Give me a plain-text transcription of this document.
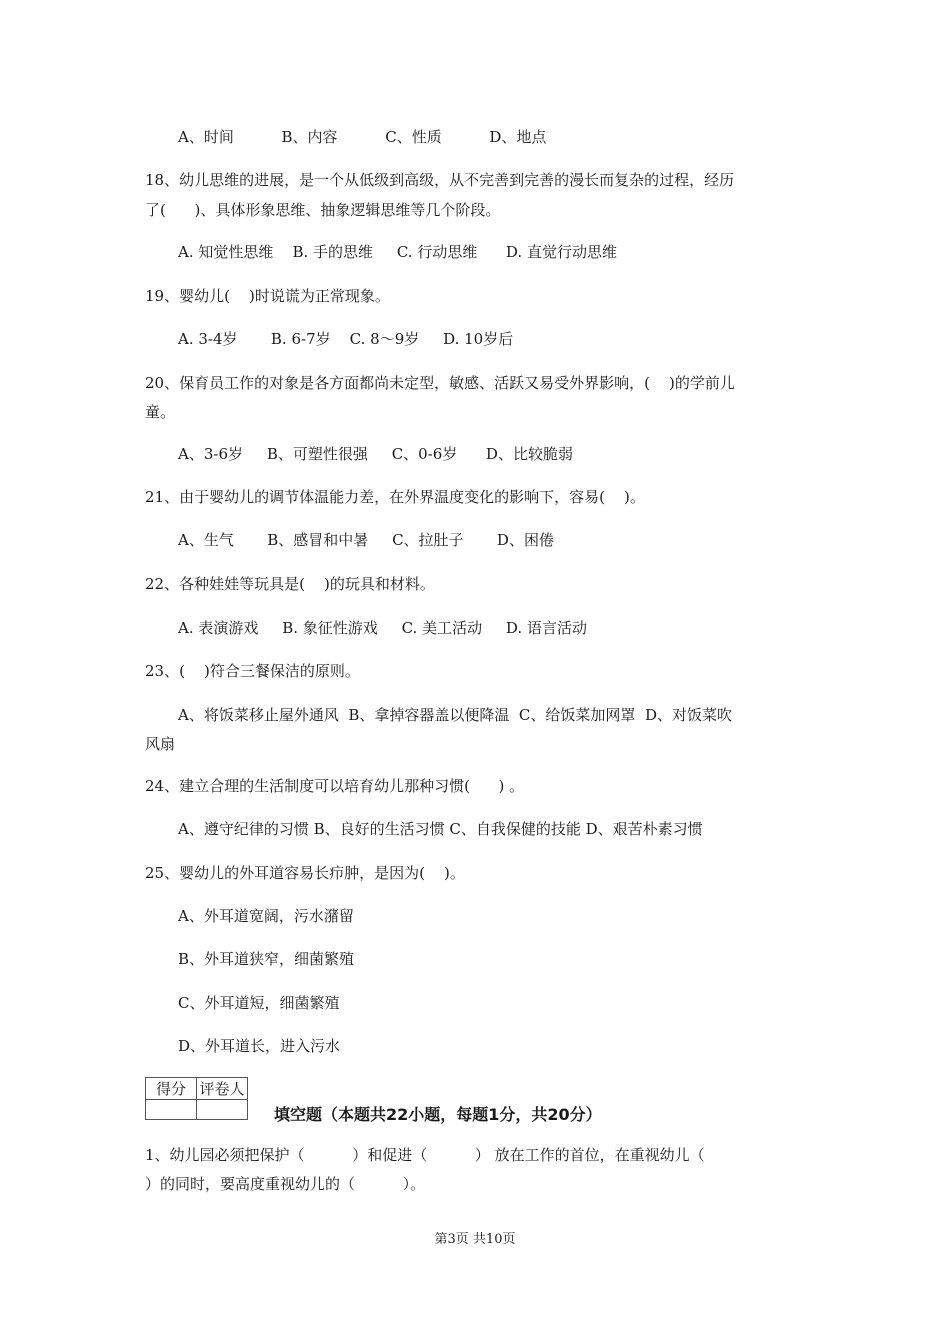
A、时间          B、内容          C、性质          D、地点
18、幼儿思维的进展，是一个从低级到高级，从不完善到完善的漫长而复杂的过程，经历
了(      )、具体形象思维、抽象逻辑思维等几个阶段。
A. 知觉性思维    B. 手的思维     C. 行动思维      D. 直觉行动思维
19、婴幼儿(    )时说谎为正常现象。
A. 3-4岁       B. 6-7岁    C. 8～9岁     D. 10岁后
20、保育员工作的对象是各方面都尚未定型，敏感、活跃又易受外界影响，(    )的学前儿
童。
A、3-6岁     B、可塑性很强     C、0-6岁      D、比较脆弱
21、由于婴幼儿的调节体温能力差，在外界温度变化的影响下，容易(    )。
A、生气       B、感冒和中暑     C、拉肚子       D、困倦
22、各种娃娃等玩具是(    )的玩具和材料。
A. 表演游戏     B. 象征性游戏     C. 美工活动     D. 语言活动
23、(    )符合三餐保洁的原则。
A、将饭菜移止屋外通风  B、拿掉容器盖以便降温  C、给饭菜加网罩  D、对饭菜吹
风扇
24、建立合理的生活制度可以培育幼儿那种习惯(      ) 。
A、遵守纪律的习惯 B、良好的生活习惯 C、自我保健的技能 D、艰苦朴素习惯
25、婴幼儿的外耳道容易长疖肿，是因为(    )。
A、外耳道宽阔，污水潴留
B、外耳道狭窄，细菌繁殖
C、外耳道短，细菌繁殖
D、外耳道长，进入污水
1、幼儿园必须把保护（          ）和促进（          ） 放在工作的首位，在重视幼儿（
）的同时，要高度重视幼儿的（          ）。
得分	评卷人

填空题（本题共22小题，每题1分，共20分）
第3页 共10页
